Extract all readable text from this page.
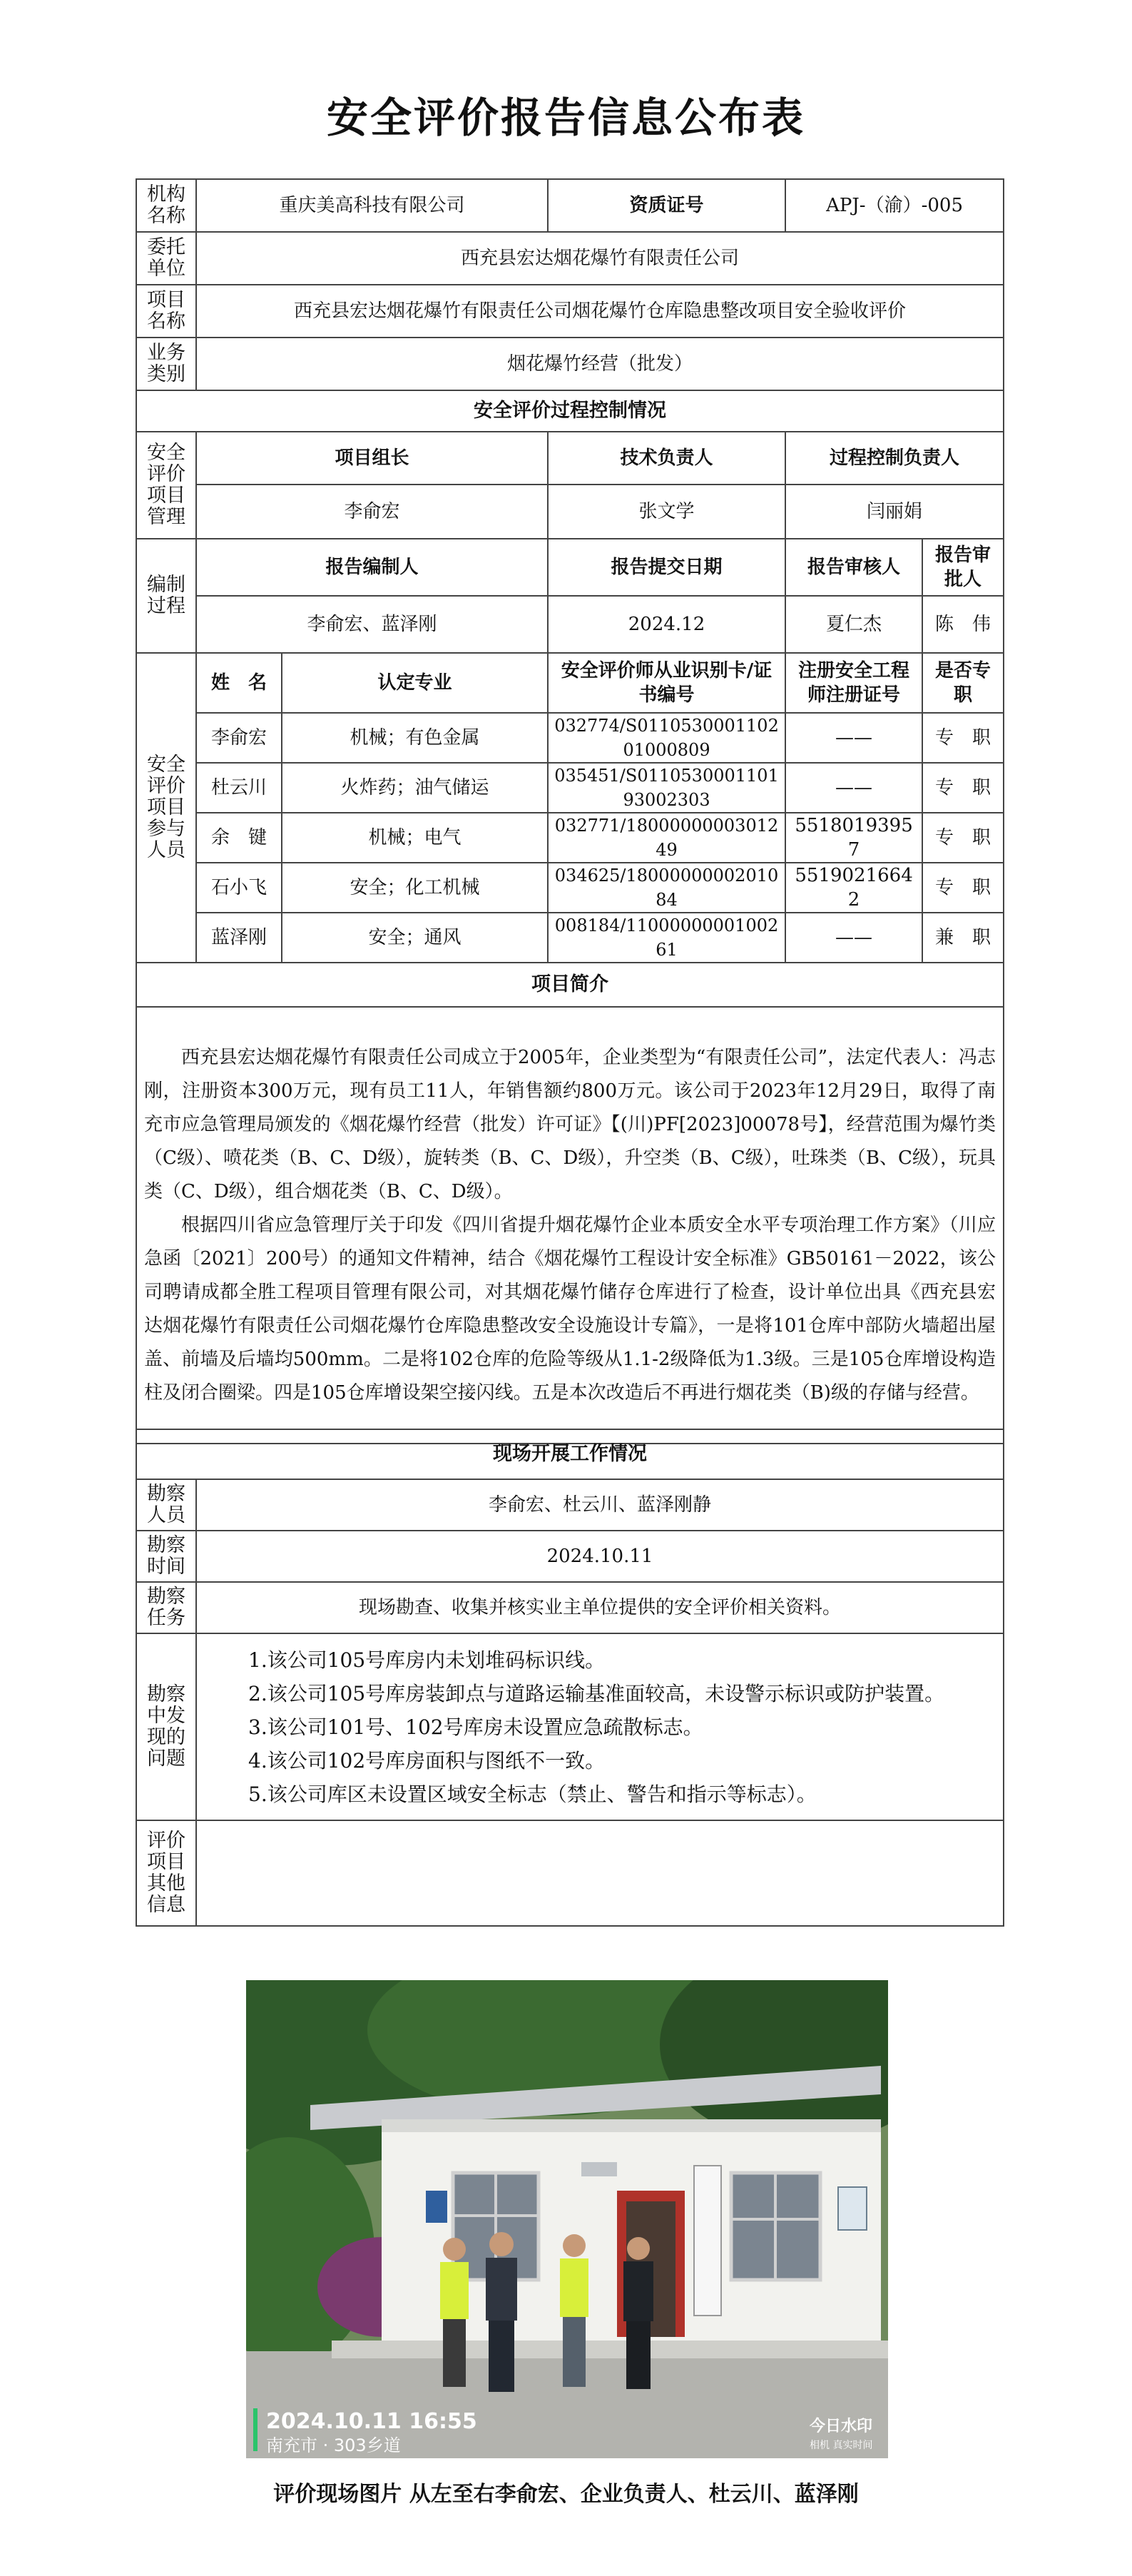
安全评价报告信息公布表
机构名称	重庆美高科技有限公司		资质证号	APJ-（渝）-005	
委托单位	西充县宏达烟花爆竹有限责任公司				
项目名称	西充县宏达烟花爆竹有限责任公司烟花爆竹仓库隐患整改项目安全验收评价				
业务类别	烟花爆竹经营（批发）				
安全评价过程控制情况					
安全评价项目管理	项目组长		技术负责人	过程控制负责人	
	李俞宏		张文学	闫丽娟	
编制过程	报告编制人		报告提交日期	报告审核人	报告审批人
	李俞宏、蓝泽刚		2024.12	夏仁杰	陈　伟
安全评价项目参与人员	姓　名	认定专业	安全评价师从业识别卡/证书编号	注册安全工程师注册证号	是否专职
	李俞宏	机械；有色金属	032774/S011053000110201000809	——	专　职
	杜云川	火炸药；油气储运	035451/S011053000110193002303	——	专　职
	余　键	机械；电气	032771/1800000000301249	55180193957	专　职
	石小飞	安全；化工机械	034625/1800000000201084	55190216642	专　职
	蓝泽刚	安全；通风	008184/1100000000100261	——	兼　职
项目简介					

西充县宏达烟花爆竹有限责任公司成立于2005年，企业类型为“有限责任公司”，法定代表人：冯志刚，注册资本300万元，现有员工11人，年销售额约800万元。该公司于2023年12月29日，取得了南充市应急管理局颁发的《烟花爆竹经营（批发）许可证》【(川)PF[2023]00078号】，经营范围为爆竹类（C级）、喷花类（B、C、D级），旋转类（B、C、D级），升空类（B、C级），吐珠类（B、C级），玩具类（C、D级），组合烟花类（B、C、D级）。

根据四川省应急管理厅关于印发《四川省提升烟花爆竹企业本质安全水平专项治理工作方案》（川应急函〔2021〕200号）的通知文件精神，结合《烟花爆竹工程设计安全标准》GB50161－2022，该公司聘请成都全胜工程项目管理有限公司，对其烟花爆竹储存仓库进行了检查，设计单位出具《西充县宏达烟花爆竹有限责任公司烟花爆竹仓库隐患整改安全设施设计专篇》，一是将101仓库中部防火墙超出屋盖、前墙及后墙均500mm。二是将102仓库的危险等级从1.1-2级降低为1.3级。三是105仓库增设构造柱及闭合圈梁。四是105仓库增设架空接闪线。五是本次改造后不再进行烟花类（B)级的存储与经营。					

现场开展工作情况	
勘察人员	李俞宏、杜云川、蓝泽刚静
勘察时间	2024.10.11
勘察任务	现场勘查、收集并核实业主单位提供的安全评价相关资料。
勘察中发现的问题	1.该公司105号库房内未划堆码标识线。
2.该公司105号库房装卸点与道路运输基准面较高，未设警示标识或防护装置。
3.该公司101号、102号库房未设置应急疏散标志。
4.该公司102号库房面积与图纸不一致。
5.该公司库区未设置区域安全标志（禁止、警告和指示等标志）。

评价项目其他信息	
2024.10.11 16:55
南充市 · 303乡道
今日水印
相机 真实时间
评价现场图片 从左至右李俞宏、企业负责人、杜云川、蓝泽刚
